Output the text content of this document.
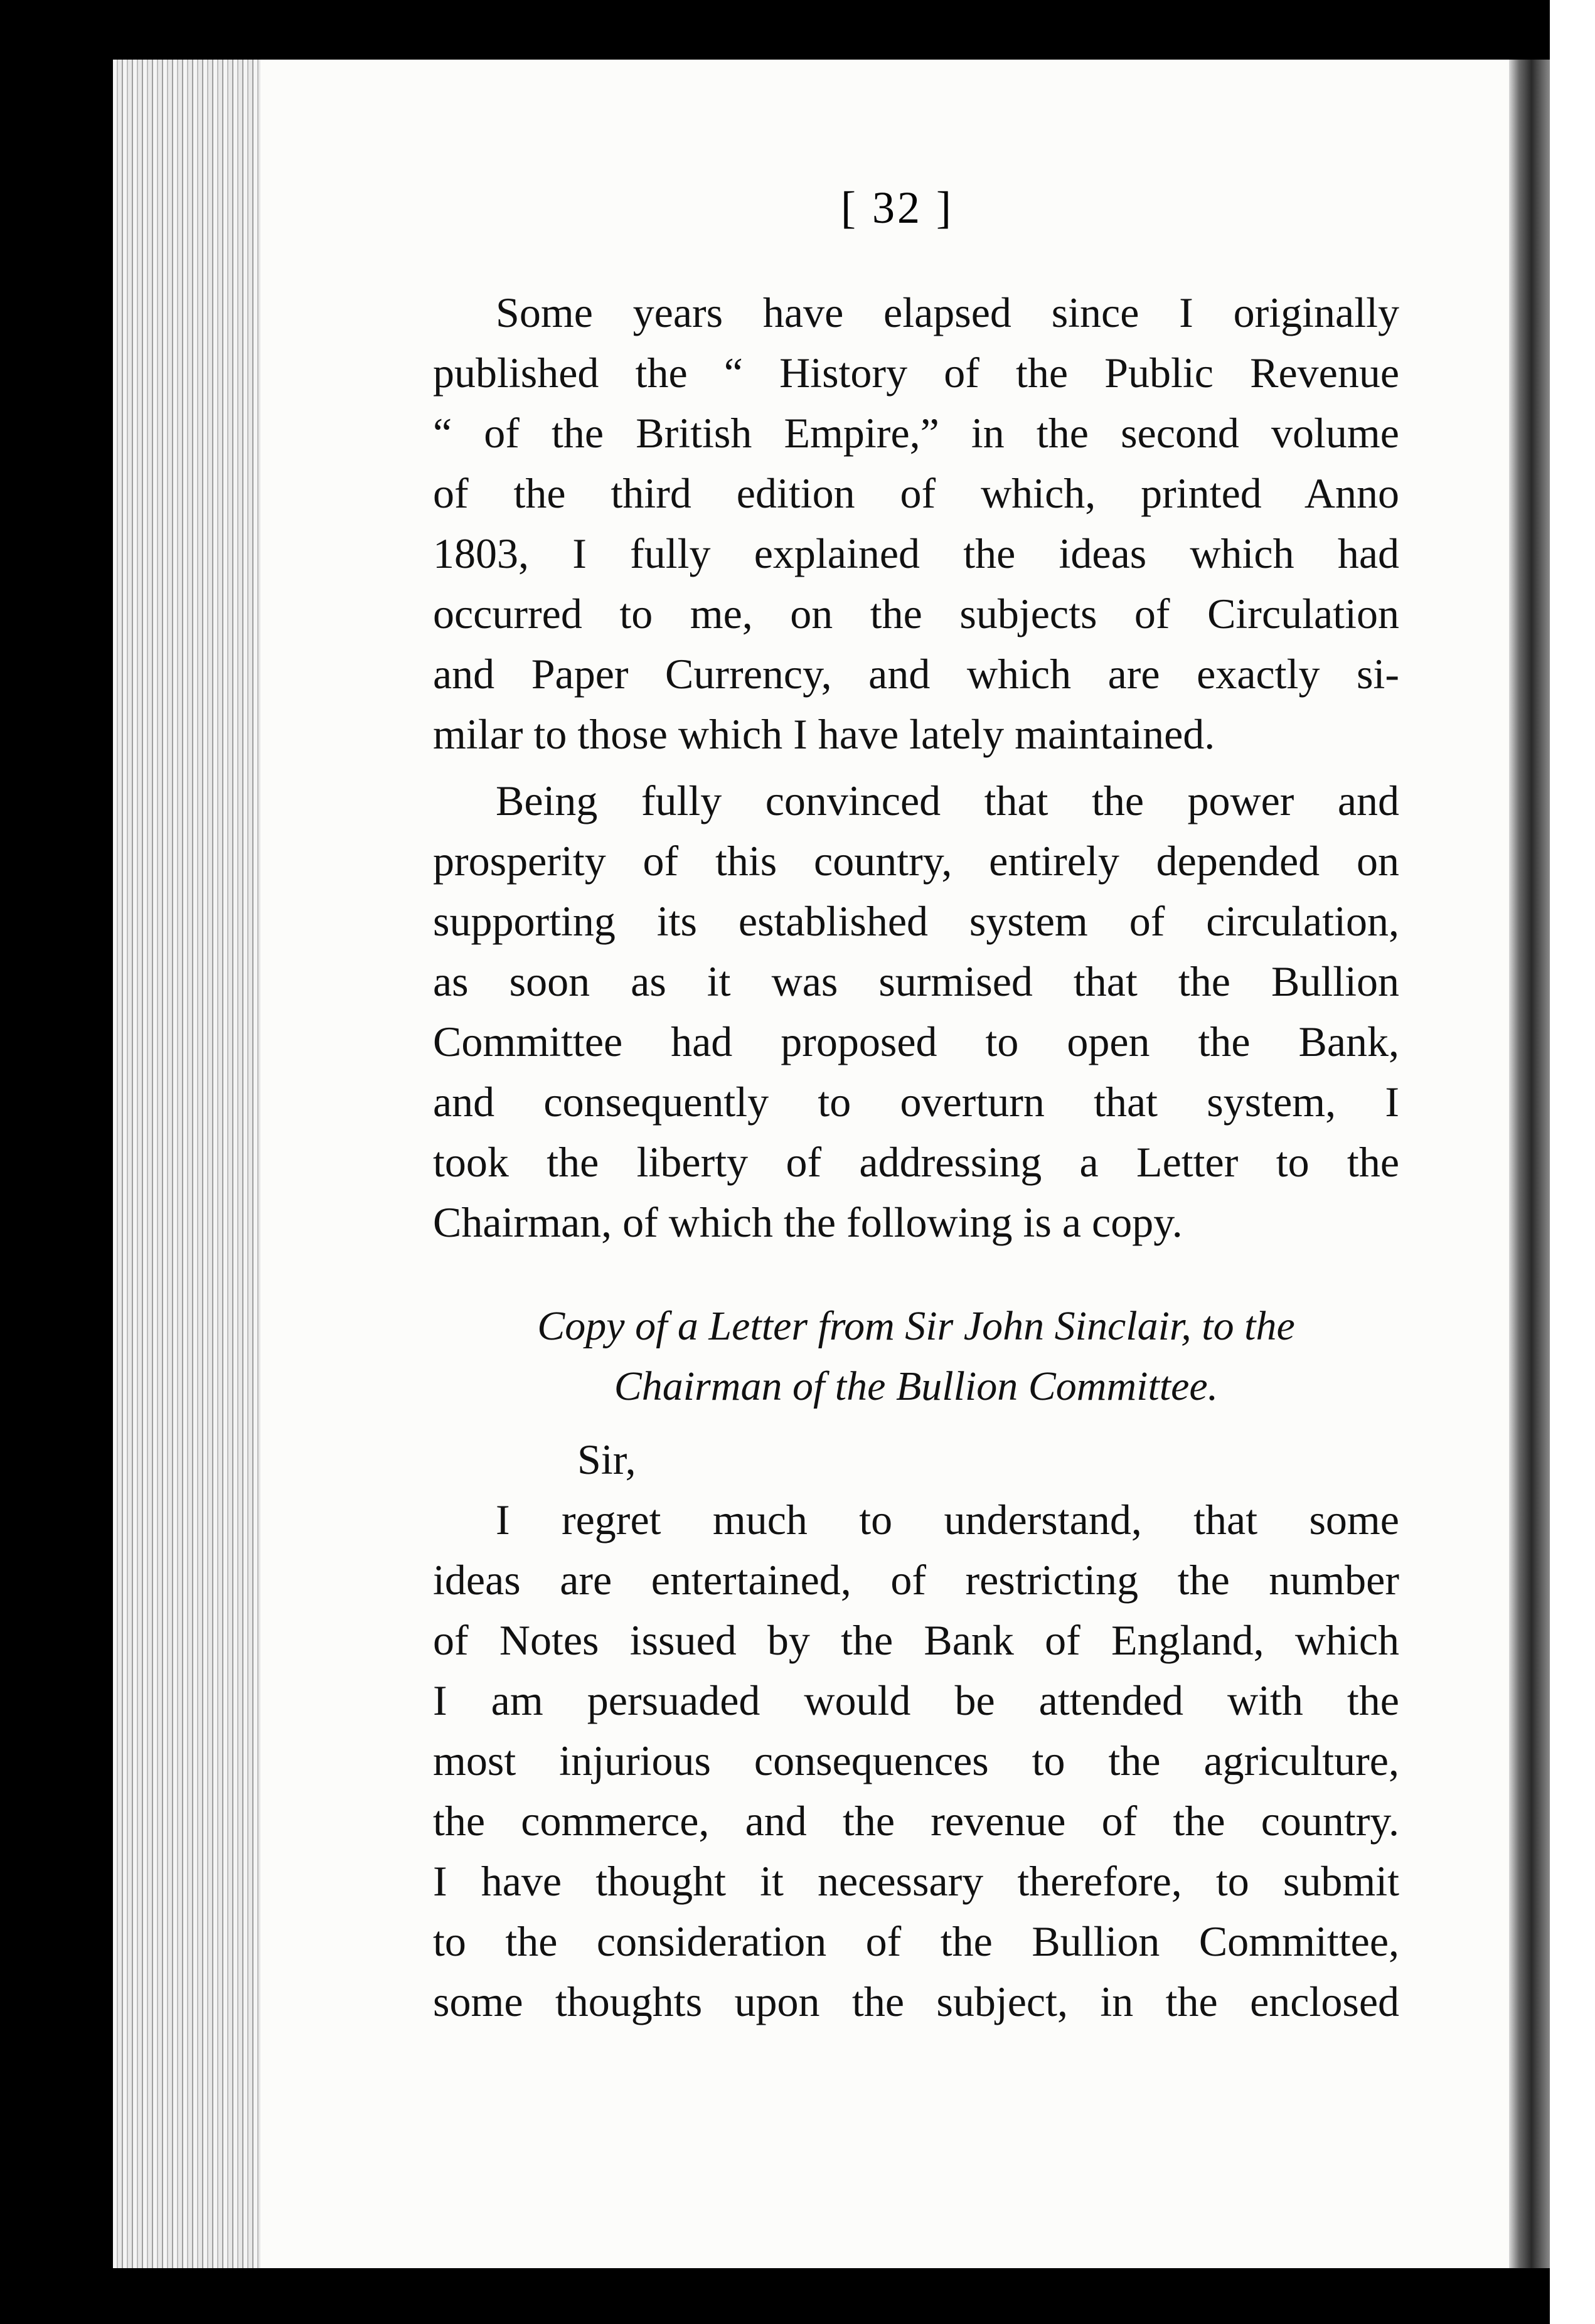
[ 32 ]
Some years have elapsed since I originally
published the “ History of the Public Revenue
“ of the British Empire,” in the second volume
of the third edition of which, printed Anno
1803, I fully explained the ideas which had
occurred to me, on the subjects of Circulation
and Paper Currency, and which are exactly si-
milar to those which I have lately maintained.
Being fully convinced that the power and
prosperity of this country, entirely depended on
supporting its established system of circulation,
as soon as it was surmised that the Bullion
Committee had proposed to open the Bank,
and consequently to overturn that system, I
took the liberty of addressing a Letter to the
Chairman, of which the following is a copy.
Copy of a Letter from Sir John Sinclair, to the
Chairman of the Bullion Committee.
Sir,
I regret much to understand, that some
ideas are entertained, of restricting the number
of Notes issued by the Bank of England, which
I am persuaded would be attended with the
most injurious consequences to the agriculture,
the commerce, and the revenue of the country.
I have thought it necessary therefore, to submit
to the consideration of the Bullion Committee,
some thoughts upon the subject, in the enclosed
